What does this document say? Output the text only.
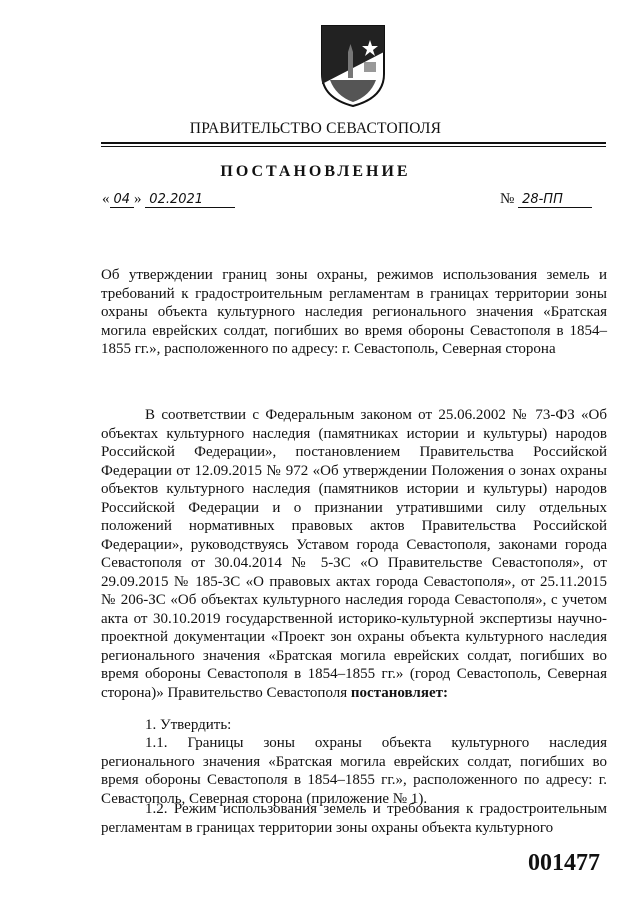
ПРАВИТЕЛЬСТВО СЕВАСТОПОЛЯ
ПОСТАНОВЛЕНИЕ
« 04 » 02.2021	№ 28-ПП
Об утверждении границ зоны охраны, режимов использования земель и требований к градостроительным регламентам в границах территории зоны охраны объекта культурного наследия регионального значения «Братская могила еврейских солдат, погибших во время обороны Севастополя в 1854–1855 гг.», расположенного по адресу: г. Севастополь, Северная сторона
В соответствии с Федеральным законом от 25.06.2002 № 73-ФЗ «Об объектах культурного наследия (памятниках истории и культуры) народов Российской Федерации», постановлением Правительства Российской Федерации от 12.09.2015 № 972 «Об утверждении Положения о зонах охраны объектов культурного наследия (памятников истории и культуры) народов Российской Федерации и о признании утратившими силу отдельных положений нормативных правовых актов Правительства Российской Федерации», руководствуясь Уставом города Севастополя, законами города Севастополя от 30.04.2014 № 5-ЗС «О Правительстве Севастополя», от 29.09.2015 № 185-ЗС «О правовых актах города Севастополя», от 25.11.2015 № 206-ЗС «Об объектах культурного наследия города Севастополя», с учетом акта от 30.10.2019 государственной историко-культурной экспертизы научно-проектной документации «Проект зон охраны объекта культурного наследия регионального значения «Братская могила еврейских солдат, погибших во время обороны Севастополя в 1854–1855 гг.» (город Севастополь, Северная сторона)» Правительство Севастополя постановляет:
1. Утвердить:
1.1. Границы зоны охраны объекта культурного наследия регионального значения «Братская могила еврейских солдат, погибших во время обороны Севастополя в 1854–1855 гг.», расположенного по адресу: г. Севастополь, Северная сторона (приложение № 1).
1.2. Режим использования земель и требования к градостроительным регламентам в границах территории зоны охраны объекта культурного
001477
